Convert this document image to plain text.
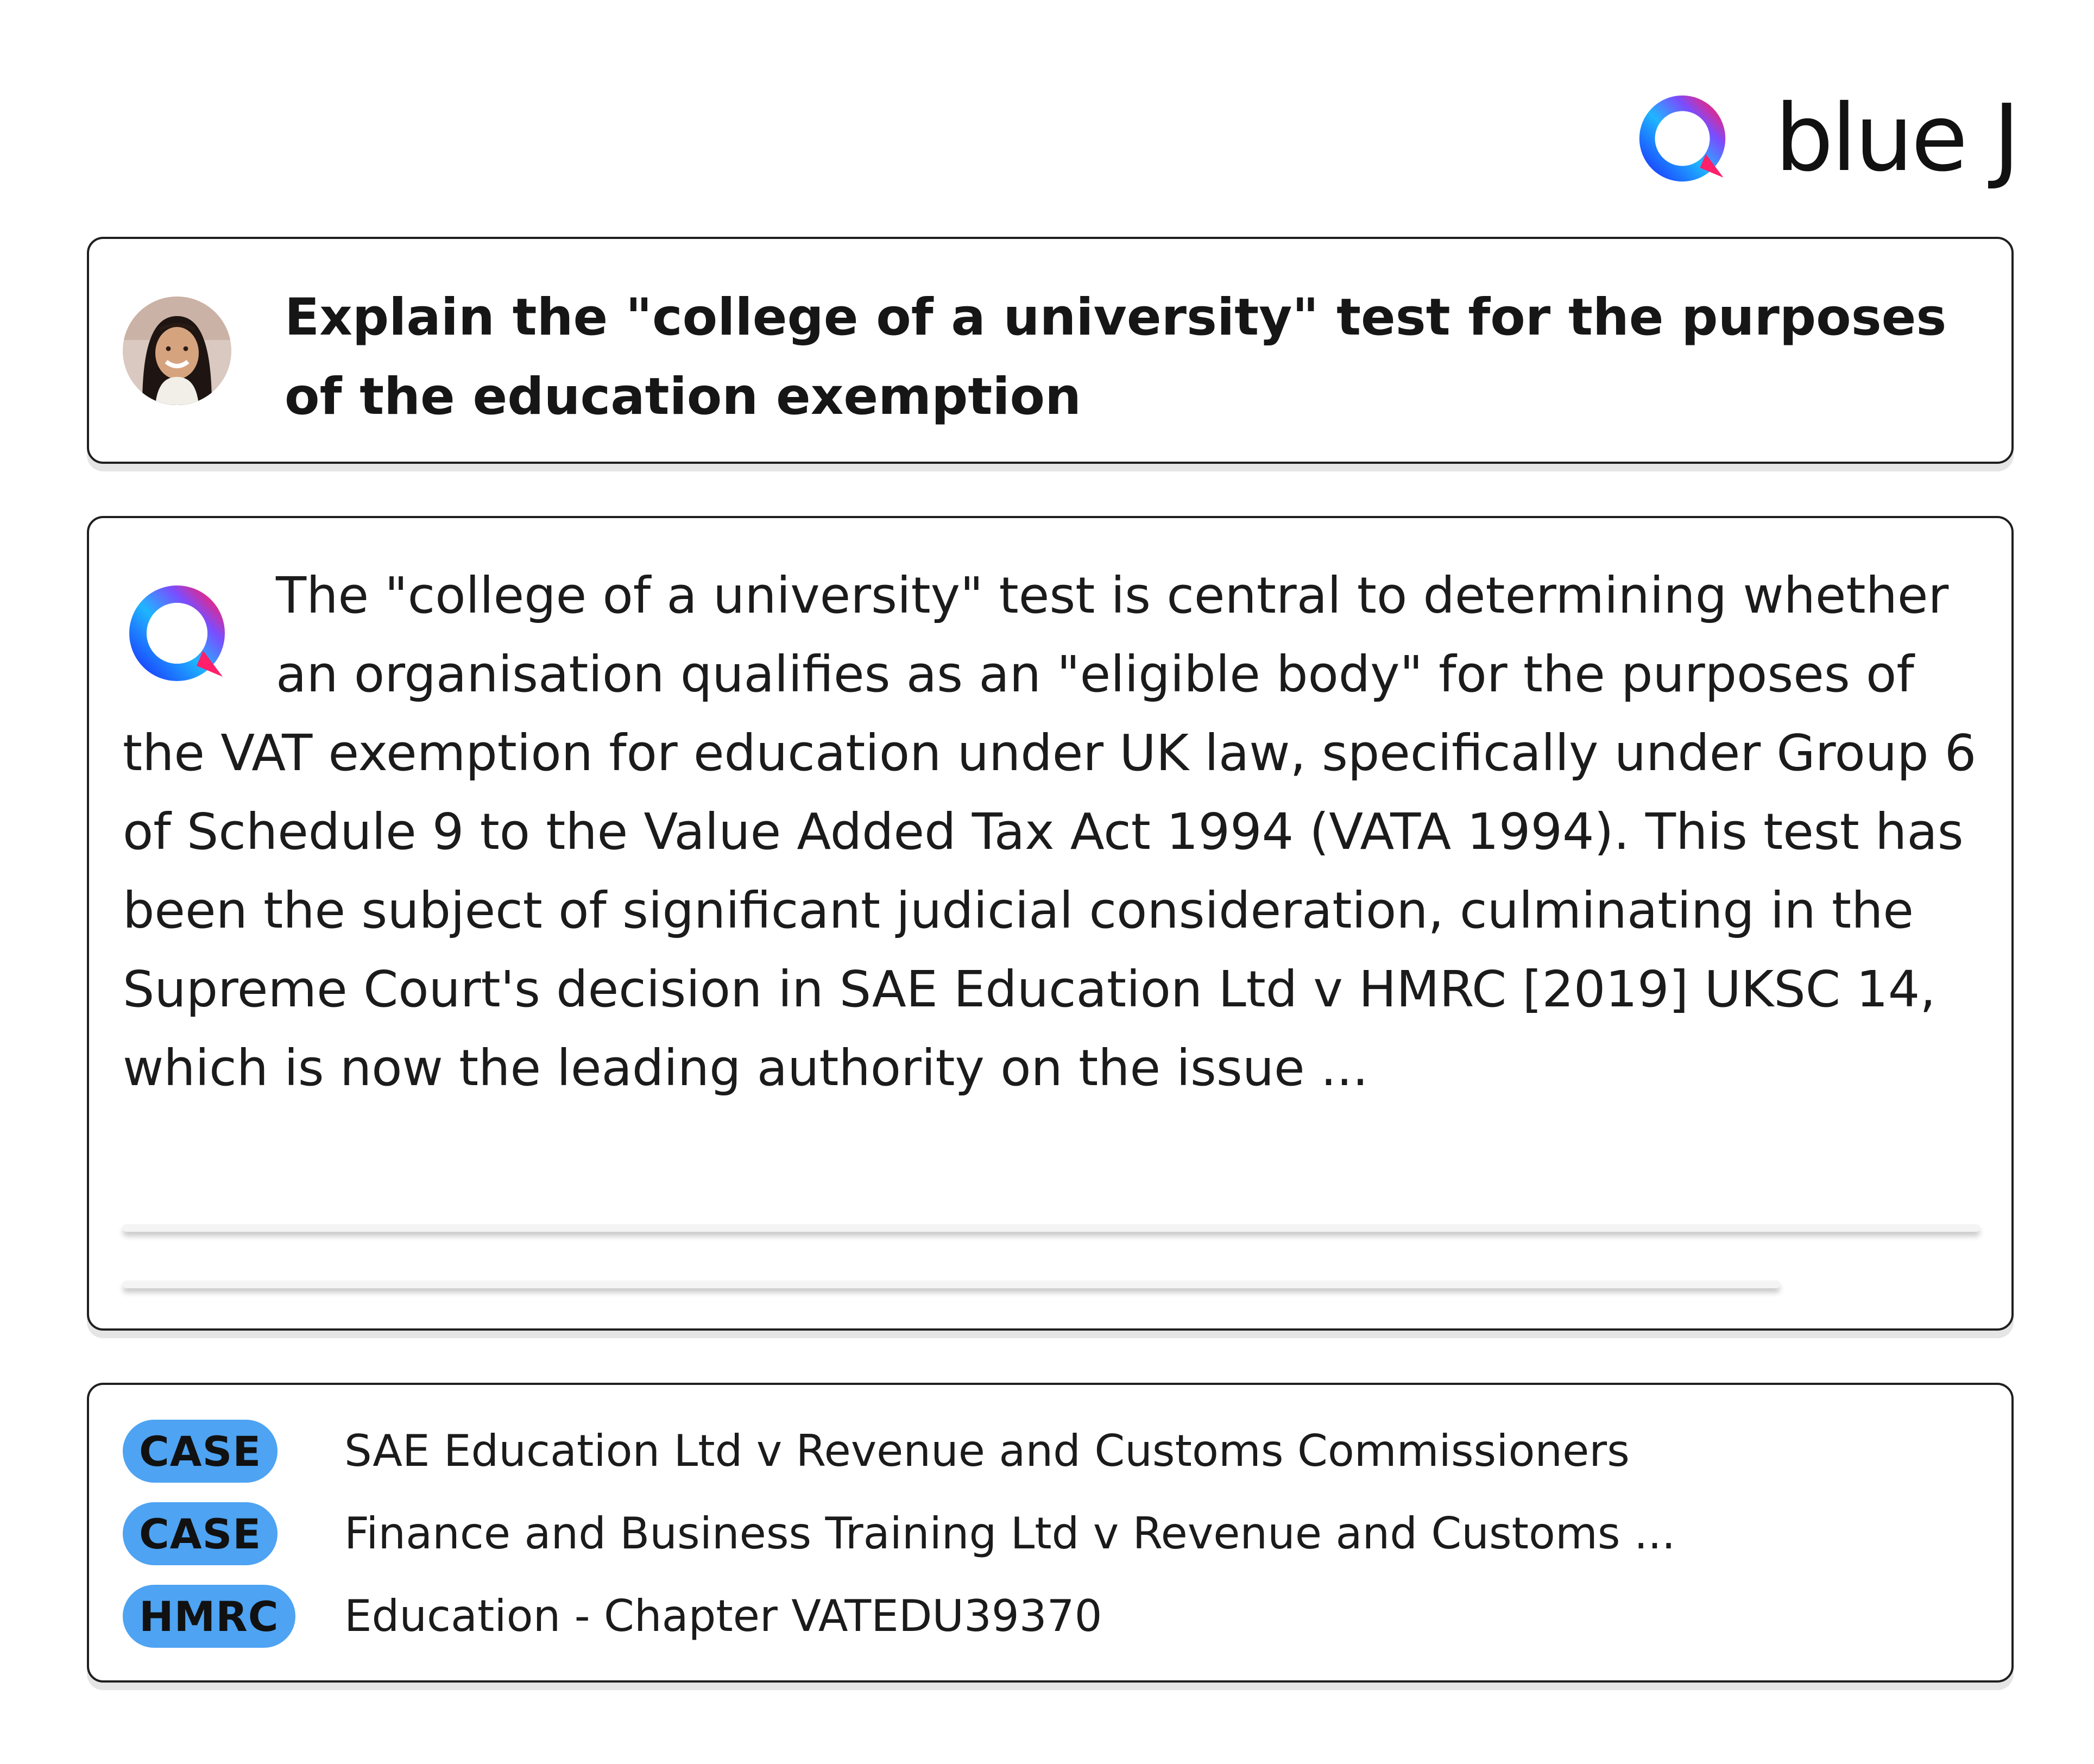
blue J

Explain the "college of a university" test for the purposes of the education exemption

The "college of a university" test is central to determining whether an organisation qualifies as an "eligible body" for the purposes of the VAT exemption for education under UK law, specifically under Group 6 of Schedule 9 to the Value Added Tax Act 1994 (VATA 1994). This test has been the subject of significant judicial consideration, culminating in the Supreme Court's decision in SAE Education Ltd v HMRC [2019] UKSC 14, which is now the leading authority on the issue ...

CASE	SAE Education Ltd v Revenue and Customs Commissioners
CASE	Finance and Business Training Ltd v Revenue and Customs ...
HMRC	Education - Chapter VATEDU39370
